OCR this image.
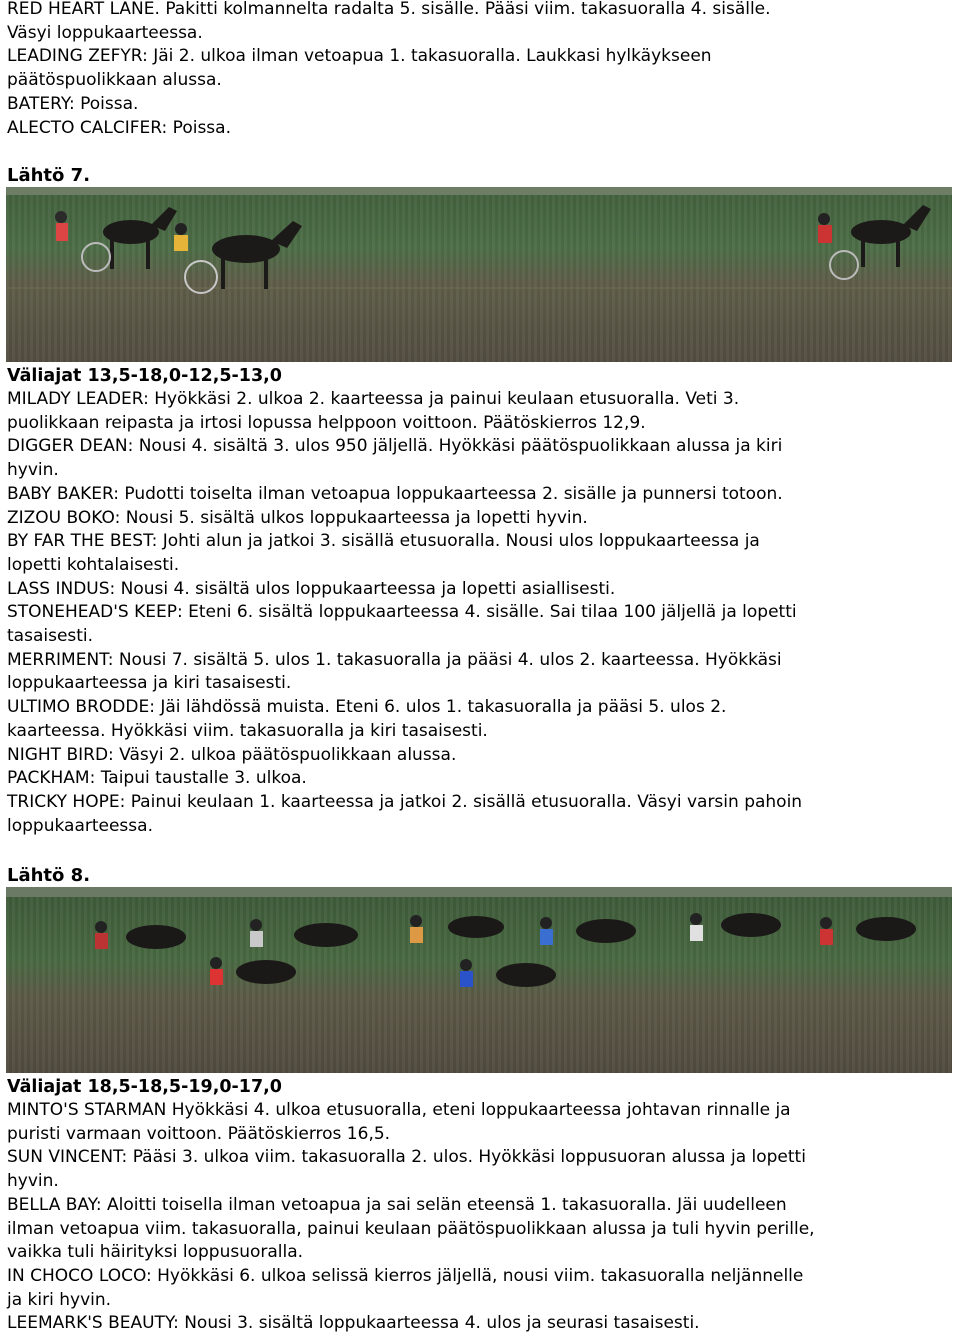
RED HEART LANE. Pakitti kolmannelta radalta 5. sisälle. Pääsi viim. takasuoralla 4. sisälle.

Väsyi loppukaarteessa.

LEADING ZEFYR: Jäi 2. ulkoa ilman vetoapua 1. takasuoralla. Laukkasi hylkäykseen

päätöspuolikkaan alussa.

BATERY: Poissa.

ALECTO CALCIFER: Poissa.

Lähtö 7.

Väliajat 13,5-18,0-12,5-13,0

MILADY LEADER: Hyökkäsi 2. ulkoa 2. kaarteessa ja painui keulaan etusuoralla. Veti 3.

puolikkaan reipasta ja irtosi lopussa helppoon voittoon. Päätöskierros 12,9.

DIGGER DEAN: Nousi 4. sisältä 3. ulos 950 jäljellä. Hyökkäsi päätöspuolikkaan alussa ja kiri

hyvin.

BABY BAKER: Pudotti toiselta ilman vetoapua loppukaarteessa 2. sisälle ja punnersi totoon.

ZIZOU BOKO: Nousi 5. sisältä ulkos loppukaarteessa ja lopetti hyvin.

BY FAR THE BEST: Johti alun ja jatkoi 3. sisällä etusuoralla. Nousi ulos loppukaarteessa ja

lopetti kohtalaisesti.

LASS INDUS: Nousi 4. sisältä ulos loppukaarteessa ja lopetti asiallisesti.

STONEHEAD'S KEEP: Eteni 6. sisältä loppukaarteessa 4. sisälle. Sai tilaa 100 jäljellä ja lopetti

tasaisesti.

MERRIMENT: Nousi 7. sisältä 5. ulos 1. takasuoralla ja pääsi 4. ulos 2. kaarteessa. Hyökkäsi

loppukaarteessa ja kiri tasaisesti.

ULTIMO BRODDE: Jäi lähdössä muista. Eteni 6. ulos 1. takasuoralla ja pääsi 5. ulos 2.

kaarteessa. Hyökkäsi viim. takasuoralla ja kiri tasaisesti.

NIGHT BIRD: Väsyi 2. ulkoa päätöspuolikkaan alussa.

PACKHAM: Taipui taustalle 3. ulkoa.

TRICKY HOPE: Painui keulaan 1. kaarteessa ja jatkoi 2. sisällä etusuoralla. Väsyi varsin pahoin

loppukaarteessa.

Lähtö 8.

Väliajat 18,5-18,5-19,0-17,0

MINTO'S STARMAN Hyökkäsi 4. ulkoa etusuoralla, eteni loppukaarteessa johtavan rinnalle ja

puristi varmaan voittoon. Päätöskierros 16,5.

SUN VINCENT: Pääsi 3. ulkoa viim. takasuoralla 2. ulos. Hyökkäsi loppusuoran alussa ja lopetti

hyvin.

BELLA BAY: Aloitti toisella ilman vetoapua ja sai selän eteensä 1. takasuoralla. Jäi uudelleen

ilman vetoapua viim. takasuoralla, painui keulaan päätöspuolikkaan alussa ja tuli hyvin perille,

vaikka tuli häirityksi loppusuoralla.

IN CHOCO LOCO: Hyökkäsi 6. ulkoa selissä kierros jäljellä, nousi viim. takasuoralla neljännelle

ja kiri hyvin.

LEEMARK'S BEAUTY: Nousi 3. sisältä loppukaarteessa 4. ulos ja seurasi tasaisesti.
